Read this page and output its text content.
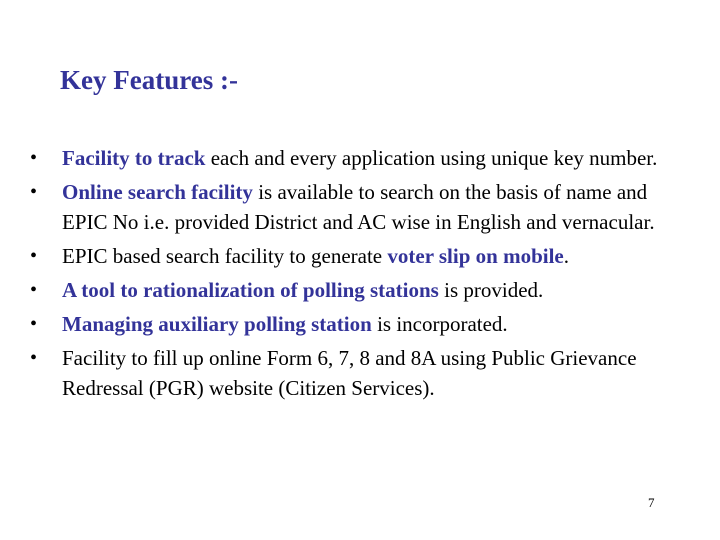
Key Features :-
•	Facility to track each and every application using unique key number.
•	Online search facility is available to search on the basis of name and EPIC No i.e. provided District and AC wise in English and vernacular.
•	EPIC based search facility to generate voter slip on mobile.
•	A tool to rationalization of polling stations is provided.
•	Managing auxiliary polling station is incorporated.
•	Facility to fill up online Form 6, 7, 8 and 8A using Public Grievance Redressal (PGR) website (Citizen Services).
7
